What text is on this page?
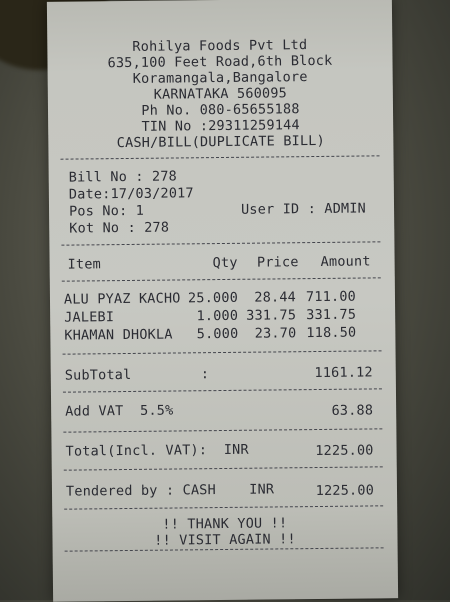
Rohilya Foods Pvt Ltd
635,100 Feet Road,6th Block
Koramangala,Bangalore
KARNATAKA 560095
Ph No. 080-65655188
TIN No :29311259144
CASH/BILL(DUPLICATE BILL)
Bill No : 278
Date:17/03/2017
Pos No: 1	User ID : ADMIN
Kot No : 278
Item	Qty	Price	Amount
ALU PYAZ KACHO 25.000	28.44 711.00
JALEBI	1.000 331.75 331.75
KHAMAN DHOKLA	5.000	23.70 118.50
SubTotal	:	1161.12
Add VAT  5.5%	63.88
Total(Incl. VAT):  INR	1225.00
Tendered by : CASH    INR	1225.00
!! THANK YOU !!
!! VISIT AGAIN !!
